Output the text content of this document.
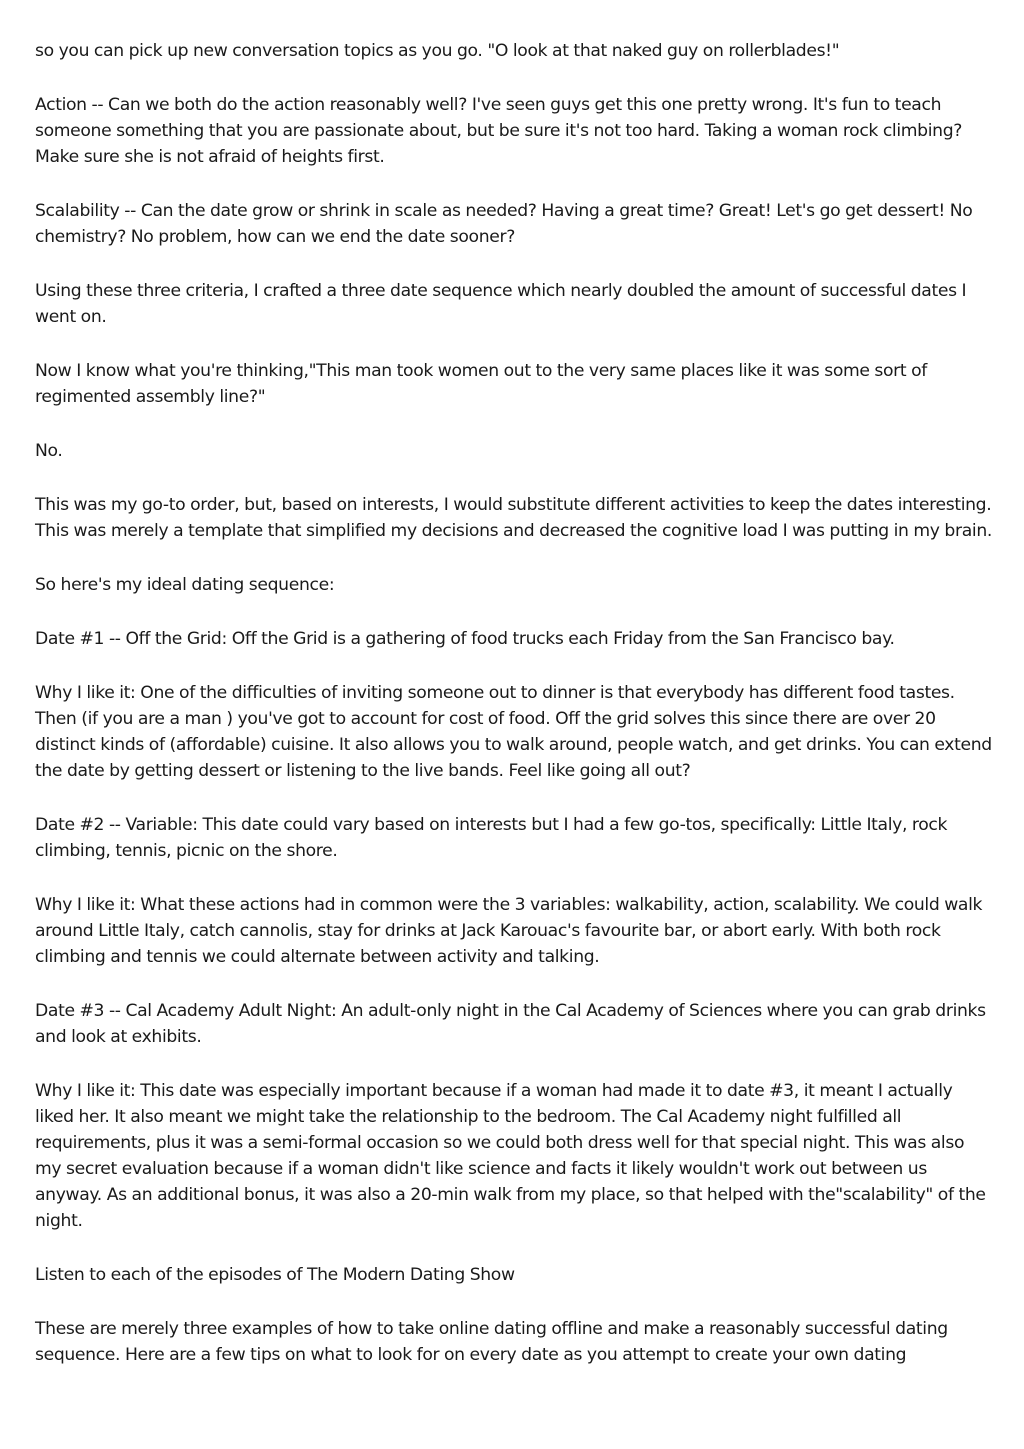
so you can pick up new conversation topics as you go. "O look at that naked guy on rollerblades!"

Action -- Can we both do the action reasonably well? I've seen guys get this one pretty wrong. It's fun to teach someone something that you are passionate about, but be sure it's not too hard. Taking a woman rock climbing? Make sure she is not afraid of heights first.

Scalability -- Can the date grow or shrink in scale as needed? Having a great time? Great! Let's go get dessert! No chemistry? No problem, how can we end the date sooner?

Using these three criteria, I crafted a three date sequence which nearly doubled the amount of successful dates I went on.

Now I know what you're thinking,"This man took women out to the very same places like it was some sort of regimented assembly line?"

No.

This was my go-to order, but, based on interests, I would substitute different activities to keep the dates interesting. This was merely a template that simplified my decisions and decreased the cognitive load I was putting in my brain.

So here's my ideal dating sequence:

Date #1 -- Off the Grid: Off the Grid is a gathering of food trucks each Friday from the San Francisco bay.

Why I like it: One of the difficulties of inviting someone out to dinner is that everybody has different food tastes. Then (if you are a man ) you've got to account for cost of food. Off the grid solves this since there are over 20 distinct kinds of (affordable) cuisine. It also allows you to walk around, people watch, and get drinks. You can extend the date by getting dessert or listening to the live bands. Feel like going all out?

Date #2 -- Variable: This date could vary based on interests but I had a few go-tos, specifically: Little Italy, rock climbing, tennis, picnic on the shore.

Why I like it: What these actions had in common were the 3 variables: walkability, action, scalability. We could walk around Little Italy, catch cannolis, stay for drinks at Jack Karouac's favourite bar, or abort early. With both rock climbing and tennis we could alternate between activity and talking.

Date #3 -- Cal Academy Adult Night: An adult-only night in the Cal Academy of Sciences where you can grab drinks and look at exhibits.

Why I like it: This date was especially important because if a woman had made it to date #3, it meant I actually liked her. It also meant we might take the relationship to the bedroom. The Cal Academy night fulfilled all requirements, plus it was a semi-formal occasion so we could both dress well for that special night. This was also my secret evaluation because if a woman didn't like science and facts it likely wouldn't work out between us anyway. As an additional bonus, it was also a 20-min walk from my place, so that helped with the"scalability" of the night.

Listen to each of the episodes of The Modern Dating Show

These are merely three examples of how to take online dating offline and make a reasonably successful dating sequence. Here are a few tips on what to look for on every date as you attempt to create your own dating
